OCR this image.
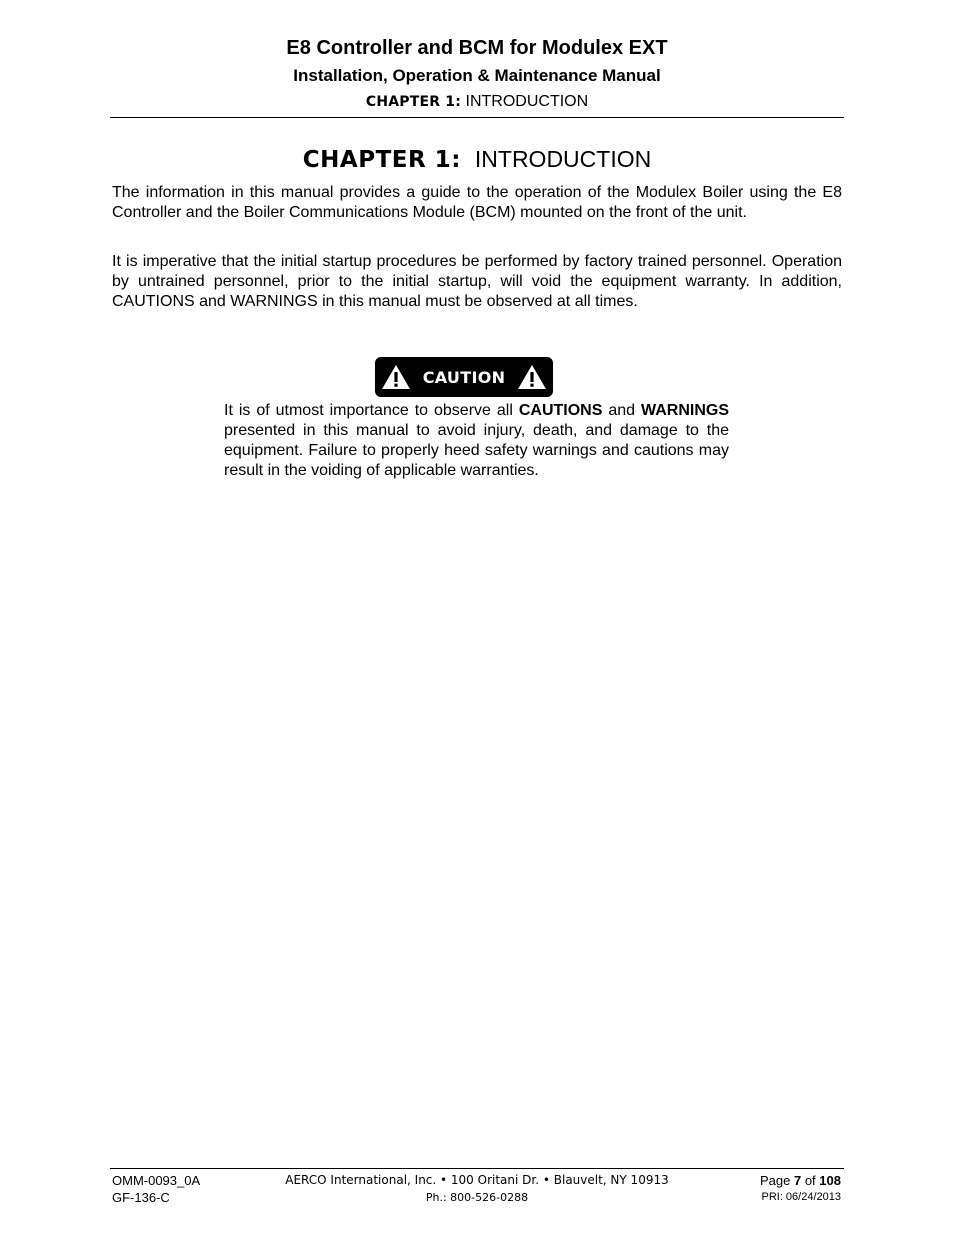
E8 Controller and BCM for Modulex EXT
Installation, Operation & Maintenance Manual
CHAPTER 1: INTRODUCTION
CHAPTER 1: INTRODUCTION
The information in this manual provides a guide to the operation of the Modulex Boiler using the E8 Controller and the Boiler Communications Module (BCM) mounted on the front of the unit.
It is imperative that the initial startup procedures be performed by factory trained personnel. Operation by untrained personnel, prior to the initial startup, will void the equipment warranty. In addition, CAUTIONS and WARNINGS in this manual must be observed at all times.
CAUTION
It is of utmost importance to observe all CAUTIONS and WARNINGS presented in this manual to avoid injury, death, and damage to the equipment. Failure to properly heed safety warnings and cautions may result in the voiding of applicable warranties.
OMM-0093_0A
GF-136-C
AERCO International, Inc. • 100 Oritani Dr. • Blauvelt, NY 10913
Ph.: 800-526-0288
Page 7 of 108
PRI: 06/24/2013
